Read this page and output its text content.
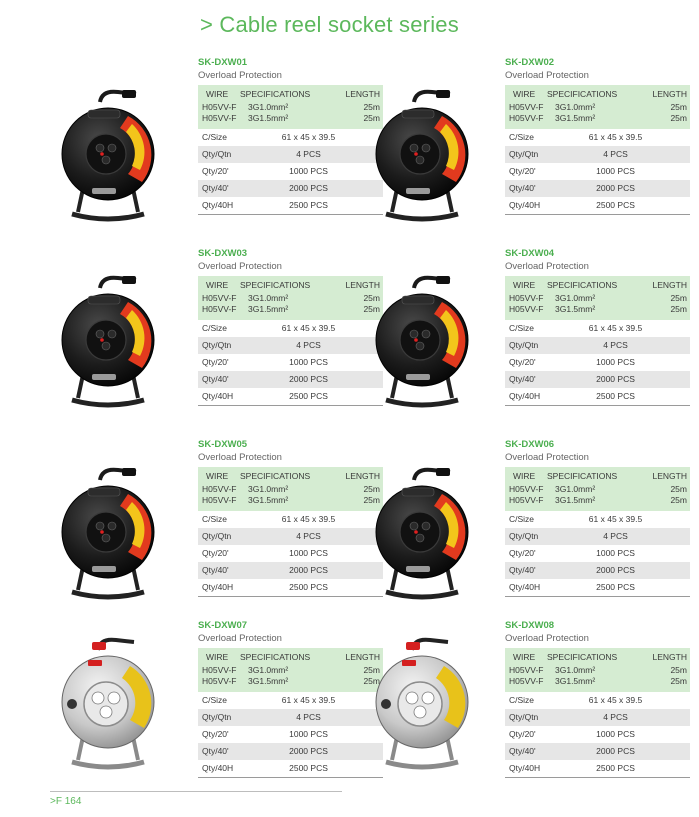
> Cable reel socket series
SK-DXW01
Overload Protection
WIRE SPECIFICATIONS	LENGTH
H05VV-F 3G1.0mm²	25m
H05VV-F 3G1.5mm²	25m
C/Size	61 x 45 x 39.5
Qty/Qtn	4 PCS
Qty/20'	1000 PCS
Qty/40'	2000 PCS
Qty/40H	2500 PCS
SK-DXW02
Overload Protection
WIRE SPECIFICATIONS	LENGTH
H05VV-F 3G1.0mm²	25m
H05VV-F 3G1.5mm²	25m
C/Size	61 x 45 x 39.5
Qty/Qtn	4 PCS
Qty/20'	1000 PCS
Qty/40'	2000 PCS
Qty/40H	2500 PCS
SK-DXW03
Overload Protection
WIRE SPECIFICATIONS	LENGTH
H05VV-F 3G1.0mm²	25m
H05VV-F 3G1.5mm²	25m
C/Size	61 x 45 x 39.5
Qty/Qtn	4 PCS
Qty/20'	1000 PCS
Qty/40'	2000 PCS
Qty/40H	2500 PCS
SK-DXW04
Overload Protection
WIRE SPECIFICATIONS	LENGTH
H05VV-F 3G1.0mm²	25m
H05VV-F 3G1.5mm²	25m
C/Size	61 x 45 x 39.5
Qty/Qtn	4 PCS
Qty/20'	1000 PCS
Qty/40'	2000 PCS
Qty/40H	2500 PCS
SK-DXW05
Overload Protection
WIRE SPECIFICATIONS	LENGTH
H05VV-F 3G1.0mm²	25m
H05VV-F 3G1.5mm²	25m
C/Size	61 x 45 x 39.5
Qty/Qtn	4 PCS
Qty/20'	1000 PCS
Qty/40'	2000 PCS
Qty/40H	2500 PCS
SK-DXW06
Overload Protection
WIRE SPECIFICATIONS	LENGTH
H05VV-F 3G1.0mm²	25m
H05VV-F 3G1.5mm²	25m
C/Size	61 x 45 x 39.5
Qty/Qtn	4 PCS
Qty/20'	1000 PCS
Qty/40'	2000 PCS
Qty/40H	2500 PCS
SK-DXW07
Overload Protection
WIRE SPECIFICATIONS	LENGTH
H05VV-F 3G1.0mm²	25m
H05VV-F 3G1.5mm²	25m
C/Size	61 x 45 x 39.5
Qty/Qtn	4 PCS
Qty/20'	1000 PCS
Qty/40'	2000 PCS
Qty/40H	2500 PCS
SK-DXW08
Overload Protection
WIRE SPECIFICATIONS	LENGTH
H05VV-F 3G1.0mm²	25m
H05VV-F 3G1.5mm²	25m
C/Size	61 x 45 x 39.5
Qty/Qtn	4 PCS
Qty/20'	1000 PCS
Qty/40'	2000 PCS
Qty/40H	2500 PCS
>F 164
